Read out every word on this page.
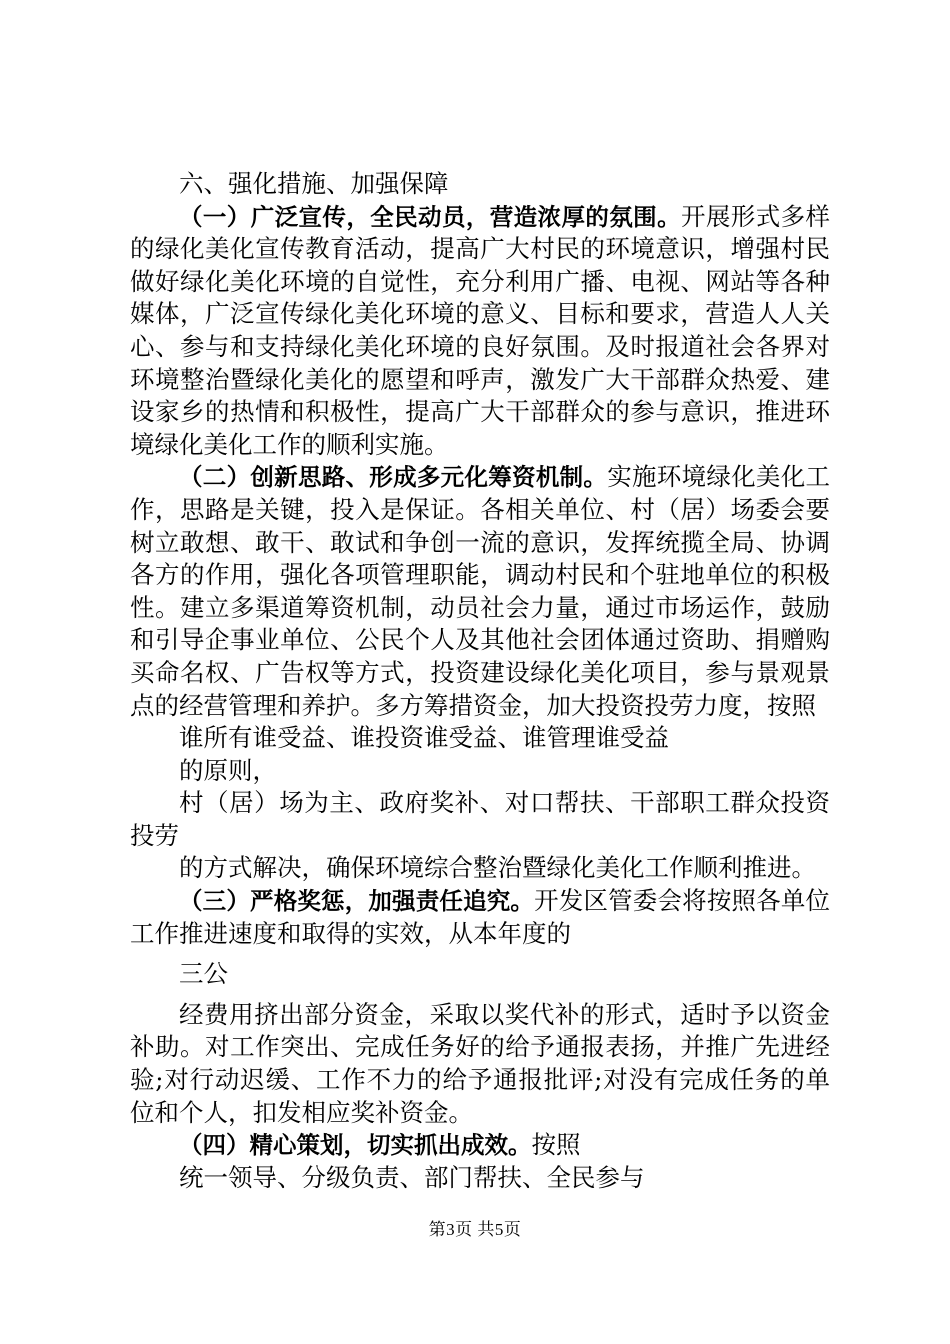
六、强化措施、加强保障

（一）广泛宣传，全民动员，营造浓厚的氛围。开展形式多样的绿化美化宣传教育活动，提高广大村民的环境意识，增强村民做好绿化美化环境的自觉性，充分利用广播、电视、网站等各种媒体，广泛宣传绿化美化环境的意义、目标和要求，营造人人关心、参与和支持绿化美化环境的良好氛围。及时报道社会各界对环境整治暨绿化美化的愿望和呼声，激发广大干部群众热爱、建设家乡的热情和积极性，提高广大干部群众的参与意识，推进环境绿化美化工作的顺利实施。

（二）创新思路、形成多元化筹资机制。实施环境绿化美化工作，思路是关键，投入是保证。各相关单位、村（居）场委会要树立敢想、敢干、敢试和争创一流的意识，发挥统揽全局、协调各方的作用，强化各项管理职能，调动村民和个驻地单位的积极性。建立多渠道筹资机制，动员社会力量，通过市场运作，鼓励和引导企事业单位、公民个人及其他社会团体通过资助、捐赠购买命名权、广告权等方式，投资建设绿化美化项目，参与景观景点的经营管理和养护。多方筹措资金，加大投资投劳力度，按照

谁所有谁受益、谁投资谁受益、谁管理谁受益

的原则，

村（居）场为主、政府奖补、对口帮扶、干部职工群众投资投劳

的方式解决，确保环境综合整治暨绿化美化工作顺利推进。

（三）严格奖惩，加强责任追究。开发区管委会将按照各单位工作推进速度和取得的实效，从本年度的

三公

经费用挤出部分资金，采取以奖代补的形式，适时予以资金补助。对工作突出、完成任务好的给予通报表扬，并推广先进经验;对行动迟缓、工作不力的给予通报批评;对没有完成任务的单位和个人，扣发相应奖补资金。

（四）精心策划，切实抓出成效。按照

统一领导、分级负责、部门帮扶、全民参与

第3页 共5页
